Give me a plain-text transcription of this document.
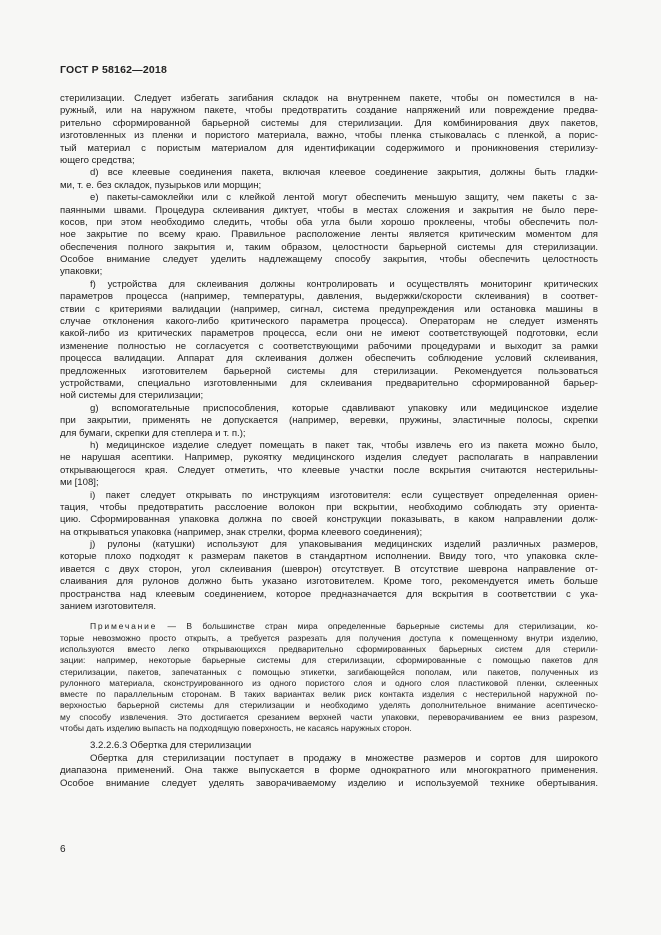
ГОСТ Р 58162—2018
стерилизации. Следует избегать загибания складок на внутреннем пакете, чтобы он поместился в на-
ружный, или на наружном пакете, чтобы предотвратить создание напряжений или повреждение предва-
рительно сформированной барьерной системы для стерилизации. Для комбинирования двух пакетов,
изготовленных из пленки и пористого материала, важно, чтобы пленка стыковалась с пленкой, а порис-
тый материал с пористым материалом для идентификации содержимого и проникновения стерилизу-
ющего средства;
d) все клеевые соединения пакета, включая клеевое соединение закрытия, должны быть гладки-
ми, т. е. без складок, пузырьков или морщин;
e) пакеты-самоклейки или с клейкой лентой могут обеспечить меньшую защиту, чем пакеты с за-
паянными швами. Процедура склеивания диктует, чтобы в местах сложения и закрытия не было пере-
косов, при этом необходимо следить, чтобы оба угла были хорошо проклеены, чтобы обеспечить пол-
ное закрытие по всему краю. Правильное расположение ленты является критическим моментом для
обеспечения полного закрытия и, таким образом, целостности барьерной системы для стерилизации.
Особое внимание следует уделить надлежащему способу закрытия, чтобы обеспечить целостность
упаковки;
f) устройства для склеивания должны контролировать и осуществлять мониторинг критических
параметров процесса (например, температуры, давления, выдержки/скорости склеивания) в соответ-
ствии с критериями валидации (например, сигнал, система предупреждения или остановка машины в
случае отклонения какого-либо критического параметра процесса). Операторам не следует изменять
какой-либо из критических параметров процесса, если они не имеют соответствующей подготовки, если
изменение полностью не согласуется с соответствующими рабочими процедурами и выходит за рамки
процесса валидации. Аппарат для склеивания должен обеспечить соблюдение условий склеивания,
предложенных изготовителем барьерной системы для стерилизации. Рекомендуется пользоваться
устройствами, специально изготовленными для склеивания предварительно сформированной барьер-
ной системы для стерилизации;
g) вспомогательные приспособления, которые сдавливают упаковку или медицинское изделие
при закрытии, применять не допускается (например, веревки, пружины, эластичные полосы, скрепки
для бумаги, скрепки для степлера и т. п.);
h) медицинское изделие следует помещать в пакет так, чтобы извлечь его из пакета можно было,
не нарушая асептики. Например, рукоятку медицинского изделия следует располагать в направлении
открывающегося края. Следует отметить, что клеевые участки после вскрытия считаются нестерильны-
ми [108];
i) пакет следует открывать по инструкциям изготовителя: если существует определенная ориен-
тация, чтобы предотвратить расслоение волокон при вскрытии, необходимо соблюдать эту ориента-
цию. Сформированная упаковка должна по своей конструкции показывать, в каком направлении долж-
на открываться упаковка (например, знак стрелки, форма клеевого соединения);
j) рулоны (катушки) используют для упаковывания медицинских изделий различных размеров,
которые плохо подходят к размерам пакетов в стандартном исполнении. Ввиду того, что упаковка скле-
ивается с двух сторон, угол склеивания (шеврон) отсутствует. В отсутствие шеврона направление от-
слаивания для рулонов должно быть указано изготовителем. Кроме того, рекомендуется иметь больше
пространства над клеевым соединением, которое предназначается для вскрытия в соответствии с ука-
занием изготовителя.
Примечание — В большинстве стран мира определенные барьерные системы для стерилизации, ко-
торые невозможно просто открыть, а требуется разрезать для получения доступа к помещенному внутри изделию,
используются вместо легко открывающихся предварительно сформированных барьерных систем для стерили-
зации: например, некоторые барьерные системы для стерилизации, сформированные с помощью пакетов для
стерилизации, пакетов, запечатанных с помощью этикетки, загибающейся пополам, или пакетов, полученных из
рулонного материала, сконструированного из одного пористого слоя и одного слоя пластиковой пленки, склеенных
вместе по параллельным сторонам. В таких вариантах велик риск контакта изделия с нестерильной наружной по-
верхностью барьерной системы для стерилизации и необходимо уделять дополнительное внимание асептическо-
му способу извлечения. Это достигается срезанием верхней части упаковки, переворачиванием ее вниз разрезом,
чтобы дать изделию выпасть на подходящую поверхность, не касаясь наружных сторон.
3.2.2.6.3 Обертка для стерилизации
Обертка для стерилизации поступает в продажу в множестве размеров и сортов для широкого
диапазона применений. Она также выпускается в форме однократного или многократного применения.
Особое внимание следует уделять заворачиваемому изделию и используемой технике обертывания.
6
